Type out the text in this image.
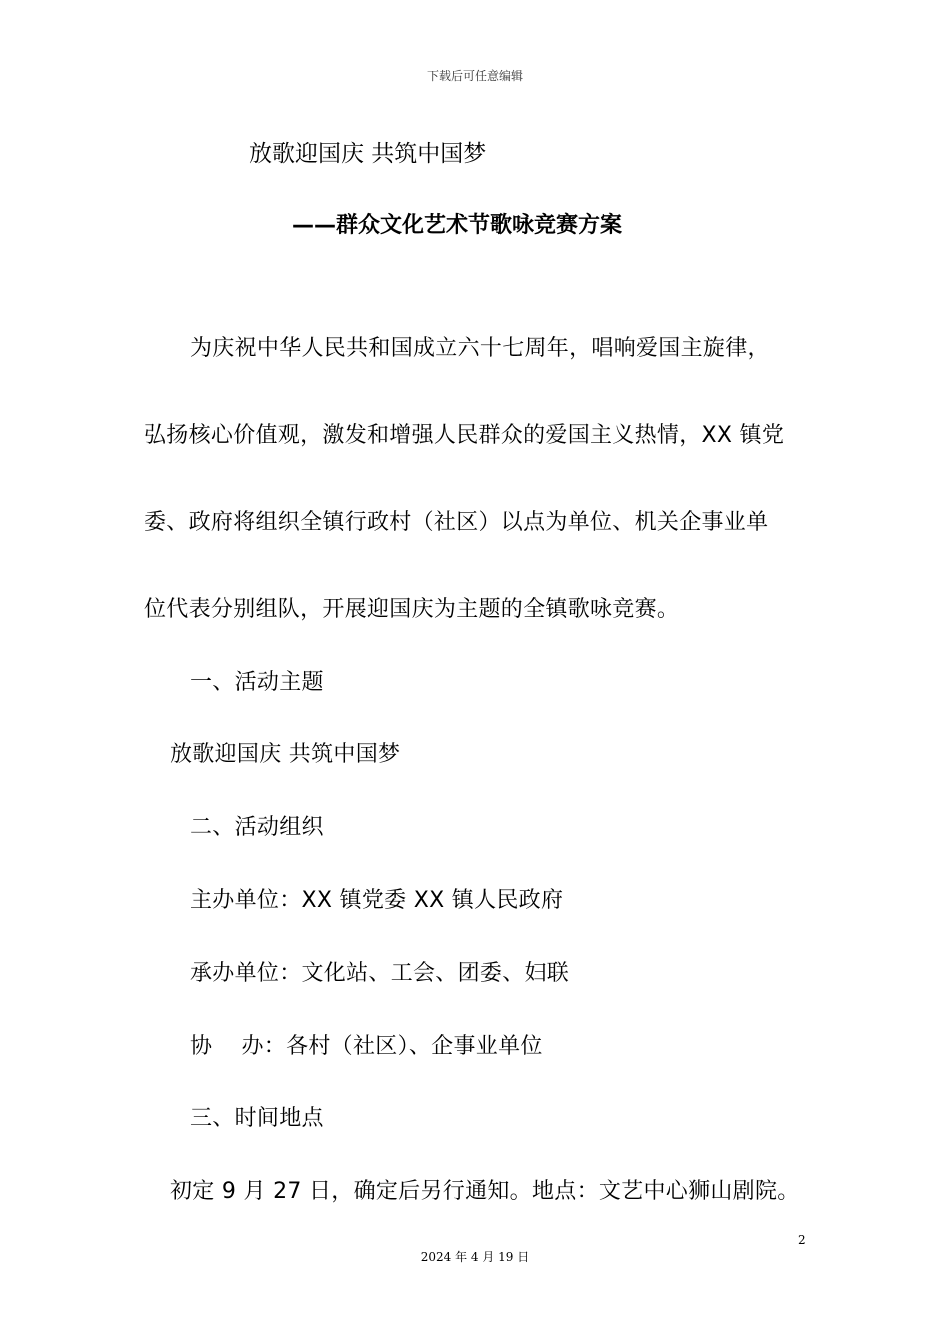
下载后可任意编辑

放歌迎国庆 共筑中国梦
——群众文化艺术节歌咏竞赛方案

为庆祝中华人民共和国成立六十七周年，唱响爱国主旋律，

弘扬核心价值观，激发和增强人民群众的爱国主义热情，XX 镇党

委、政府将组织全镇行政村（社区）以点为单位、机关企事业单

位代表分别组队，开展迎国庆为主题的全镇歌咏竞赛。

一、活动主题

放歌迎国庆 共筑中国梦

二、活动组织

主办单位：XX 镇党委 XX 镇人民政府

承办单位：文化站、工会、团委、妇联

协    办：各村（社区）、企事业单位

三、时间地点

初定 9 月 27 日，确定后另行通知。地点：文艺中心狮山剧院。

2

2024 年 4 月 19 日
